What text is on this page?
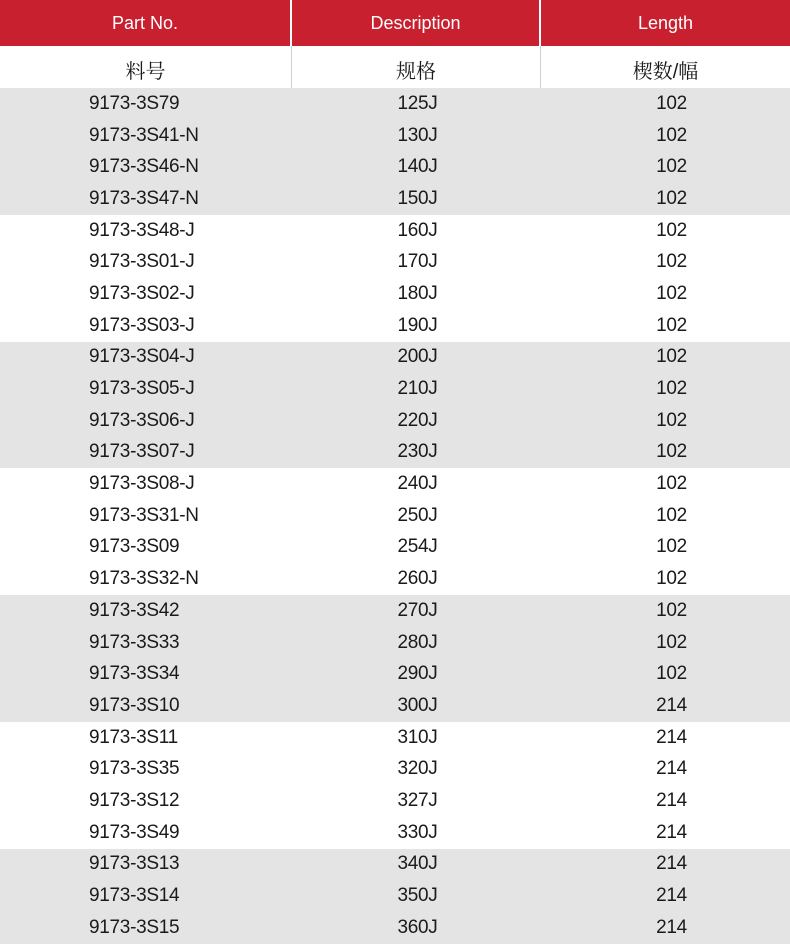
Part No.	Description	Length
料号	规格	楔数/幅
9173-3S79	125J	102
9173-3S41-N	130J	102
9173-3S46-N	140J	102
9173-3S47-N	150J	102
9173-3S48-J	160J	102
9173-3S01-J	170J	102
9173-3S02-J	180J	102
9173-3S03-J	190J	102
9173-3S04-J	200J	102
9173-3S05-J	210J	102
9173-3S06-J	220J	102
9173-3S07-J	230J	102
9173-3S08-J	240J	102
9173-3S31-N	250J	102
9173-3S09	254J	102
9173-3S32-N	260J	102
9173-3S42	270J	102
9173-3S33	280J	102
9173-3S34	290J	102
9173-3S10	300J	214
9173-3S11	310J	214
9173-3S35	320J	214
9173-3S12	327J	214
9173-3S49	330J	214
9173-3S13	340J	214
9173-3S14	350J	214
9173-3S15	360J	214
